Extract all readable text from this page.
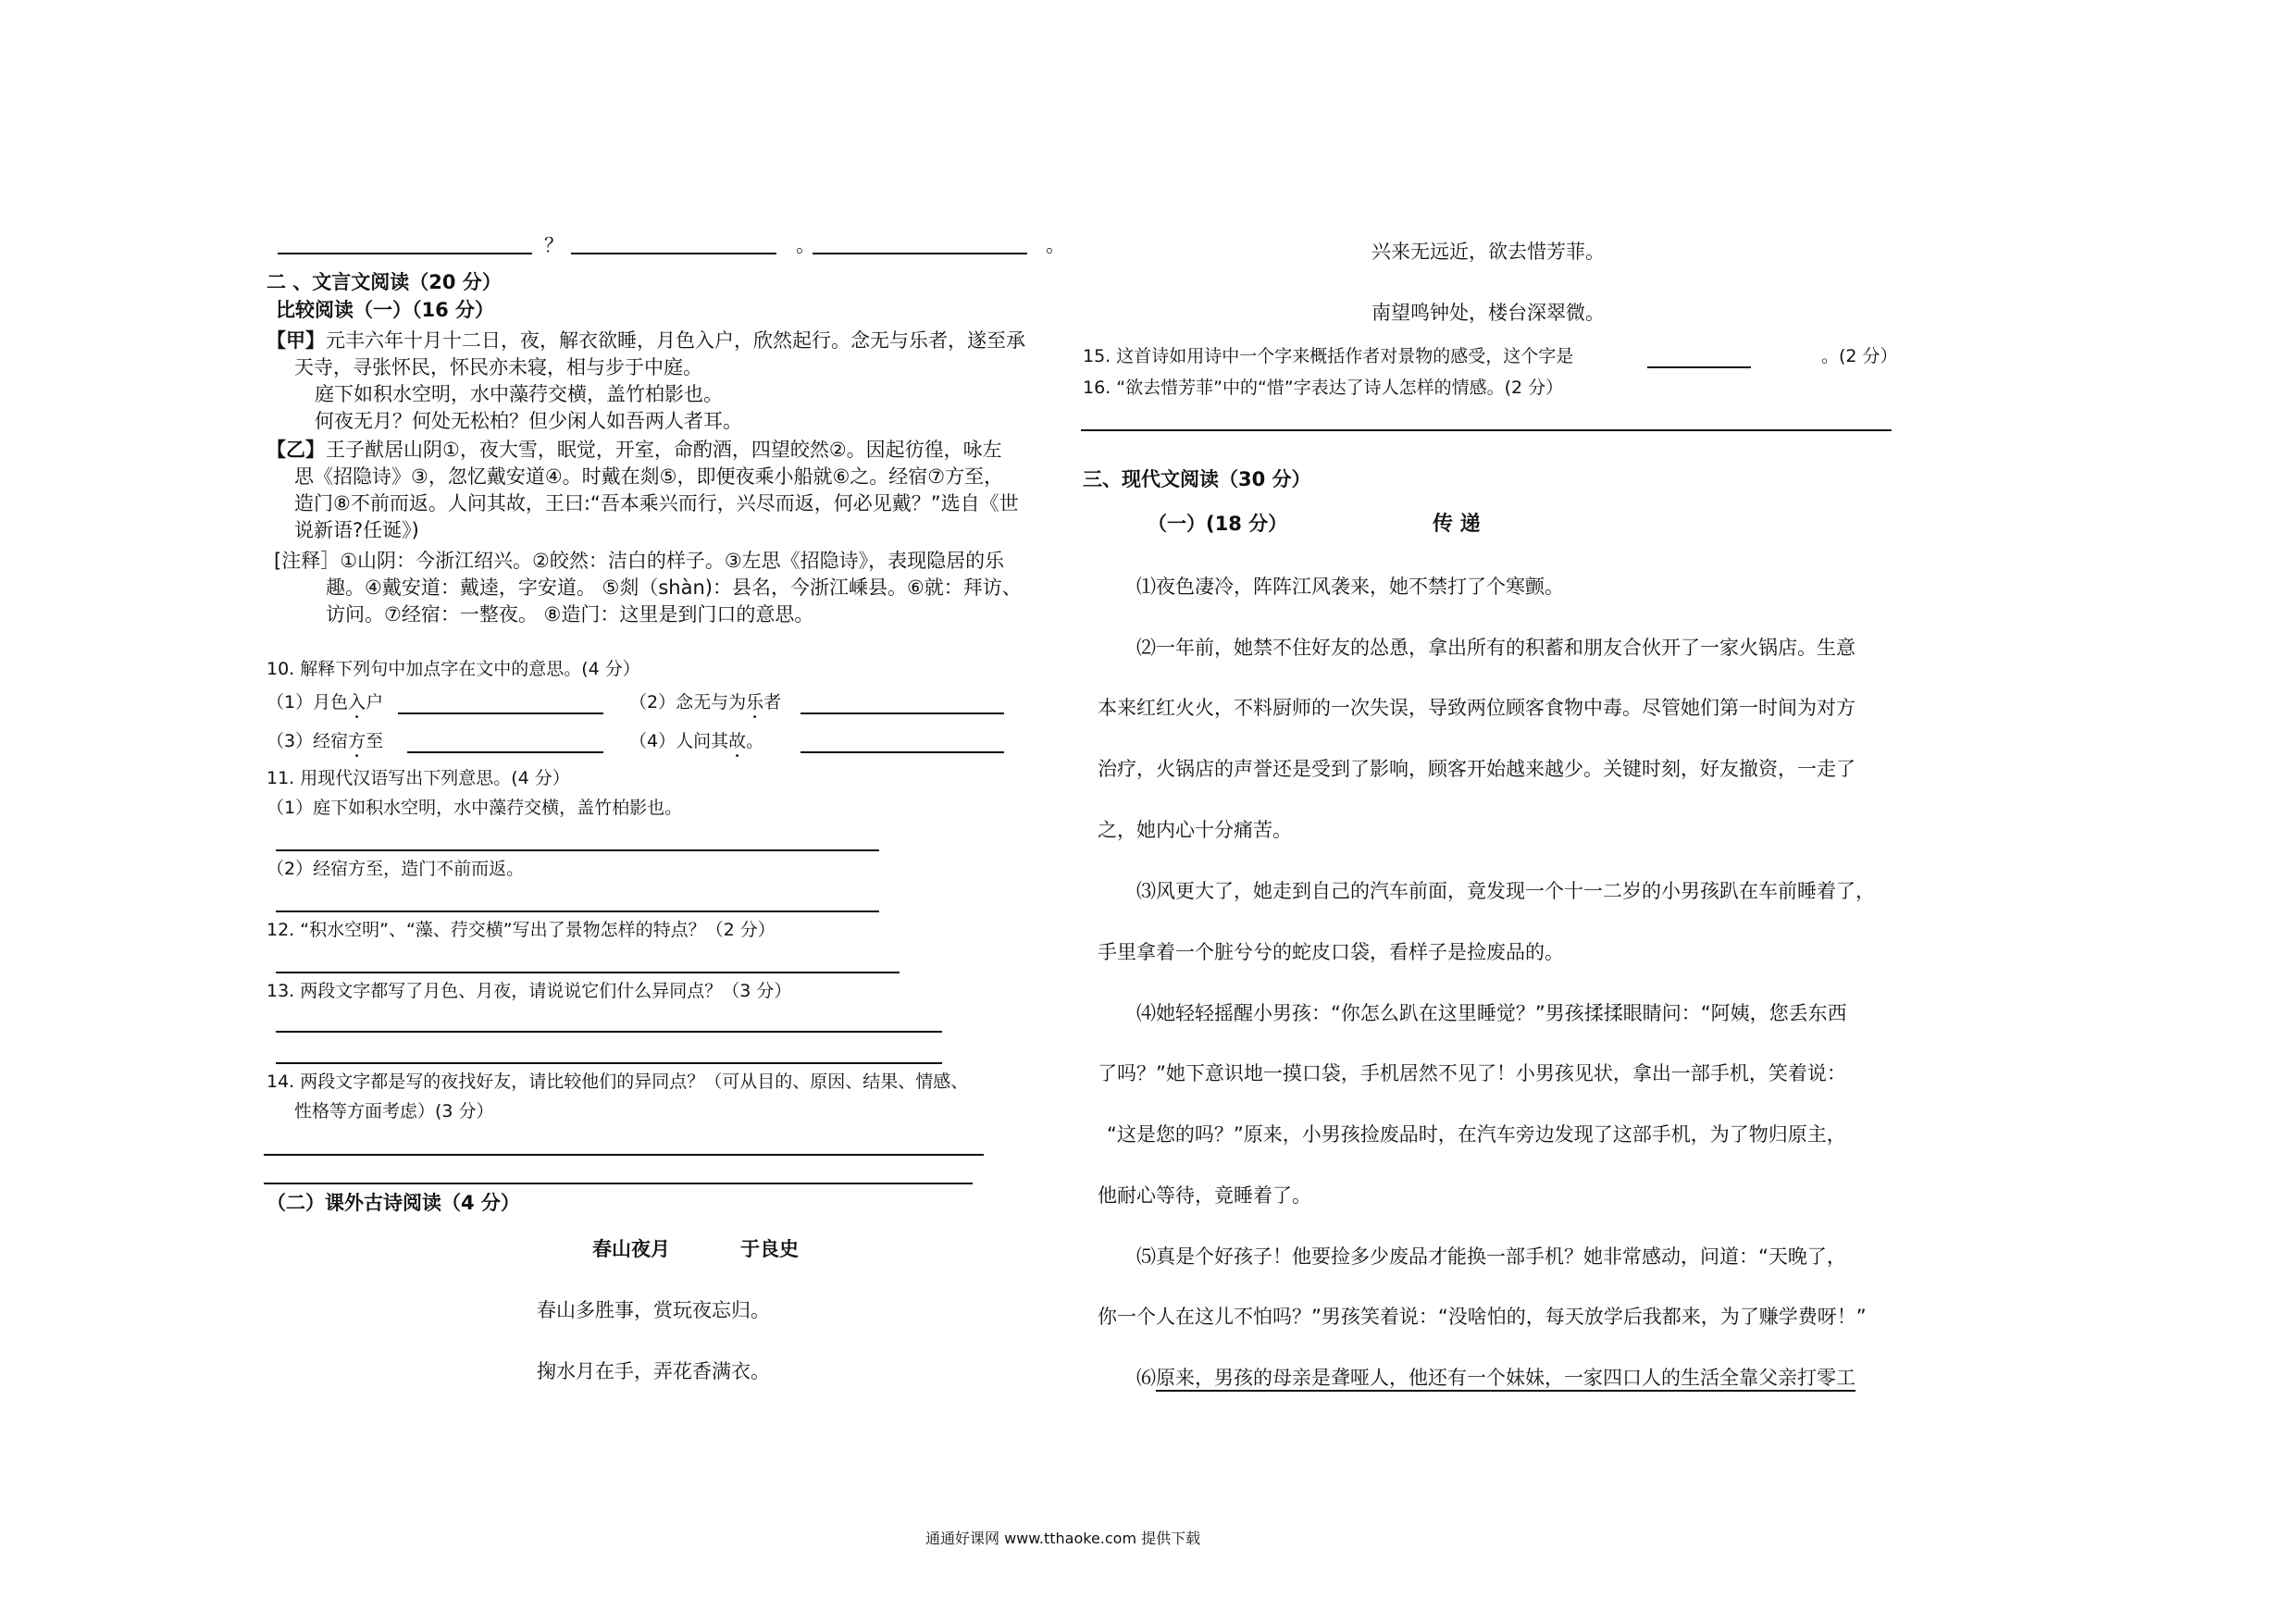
？	。	。
二 、文言文阅读（20 分）
比较阅读（一）（16 分）
【甲】 元丰六年十月十二日，夜，解衣欲睡，月色入户，欣然起行。念无与乐者，遂至承
天寺，寻张怀民，怀民亦未寝，相与步于中庭。
庭下如积水空明，水中藻荇交横，盖竹柏影也。
何夜无月？何处无松柏？但少闲人如吾两人者耳。
【乙】 王子猷居山阴①，夜大雪，眠觉，开室，命酌酒，四望皎然②。因起彷徨，咏左
思《招隐诗》③，忽忆戴安道④。时戴在剡⑤，即便夜乘小船就⑥之。经宿⑦方至，
造门⑧不前而返。人问其故，王曰:“吾本乘兴而行，兴尽而返，何必见戴？”选自《世
说新语?任诞》)
[注释］①山阴：今浙江绍兴。②皎然：洁白的样子。③左思《招隐诗》，表现隐居的乐
趣。④戴安道：戴逵，字安道。 ⑤剡（shàn)：县名，今浙江嵊县。⑥就：拜访、
访问。⑦经宿：一整夜。 ⑧造门：这里是到门口的意思。
10. 解释下列句中加点字在文中的意思。(4 分）
（1）月色入户	（2）念无与为乐者
（3）经宿方至	（4）人问其故。
11. 用现代汉语写出下列意思。(4 分）
（1）庭下如积水空明，水中藻荇交横，盖竹柏影也。
（2）经宿方至，造门不前而返。
12. “积水空明”、“藻、荇交横”写出了景物怎样的特点？（2 分）
13. 两段文字都写了月色、月夜，请说说它们什么异同点？（3 分）
14. 两段文字都是写的夜找好友，请比较他们的异同点？（可从目的、原因、结果、情感、
性格等方面考虑）(3 分）
（二）课外古诗阅读（4 分）
春山夜月	于良史
春山多胜事，赏玩夜忘归。
掬水月在手，弄花香满衣。
兴来无远近，欲去惜芳菲。
南望鸣钟处，楼台深翠微。
15. 这首诗如用诗中一个字来概括作者对景物的感受，这个字是	。(2 分）
16. “欲去惜芳菲”中的“惜”字表达了诗人怎样的情感。(2 分）
三、现代文阅读（30 分）
（一）(18 分）	传 递
⑴夜色凄冷，阵阵江风袭来，她不禁打了个寒颤。
⑵一年前，她禁不住好友的怂恿，拿出所有的积蓄和朋友合伙开了一家火锅店。生意
本来红红火火，不料厨师的一次失误，导致两位顾客食物中毒。尽管她们第一时间为对方
治疗，火锅店的声誉还是受到了影响，顾客开始越来越少。关键时刻，好友撤资，一走了
之，她内心十分痛苦。
⑶风更大了，她走到自己的汽车前面，竟发现一个十一二岁的小男孩趴在车前睡着了，
手里拿着一个脏兮兮的蛇皮口袋，看样子是捡废品的。
⑷她轻轻摇醒小男孩：“你怎么趴在这里睡觉？”男孩揉揉眼睛问：“阿姨，您丢东西
了吗？”她下意识地一摸口袋，手机居然不见了！小男孩见状，拿出一部手机，笑着说：
“这是您的吗？”原来，小男孩捡废品时，在汽车旁边发现了这部手机，为了物归原主，
他耐心等待，竟睡着了。
⑸真是个好孩子！他要捡多少废品才能换一部手机？她非常感动，问道：“天晚了，
你一个人在这儿不怕吗？”男孩笑着说：“没啥怕的，每天放学后我都来，为了赚学费呀！”
⑹原来，男孩的母亲是聋哑人，他还有一个妹妹，一家四口人的生活全靠父亲打零工
通通好课网 www.tthaoke.com 提供下载
